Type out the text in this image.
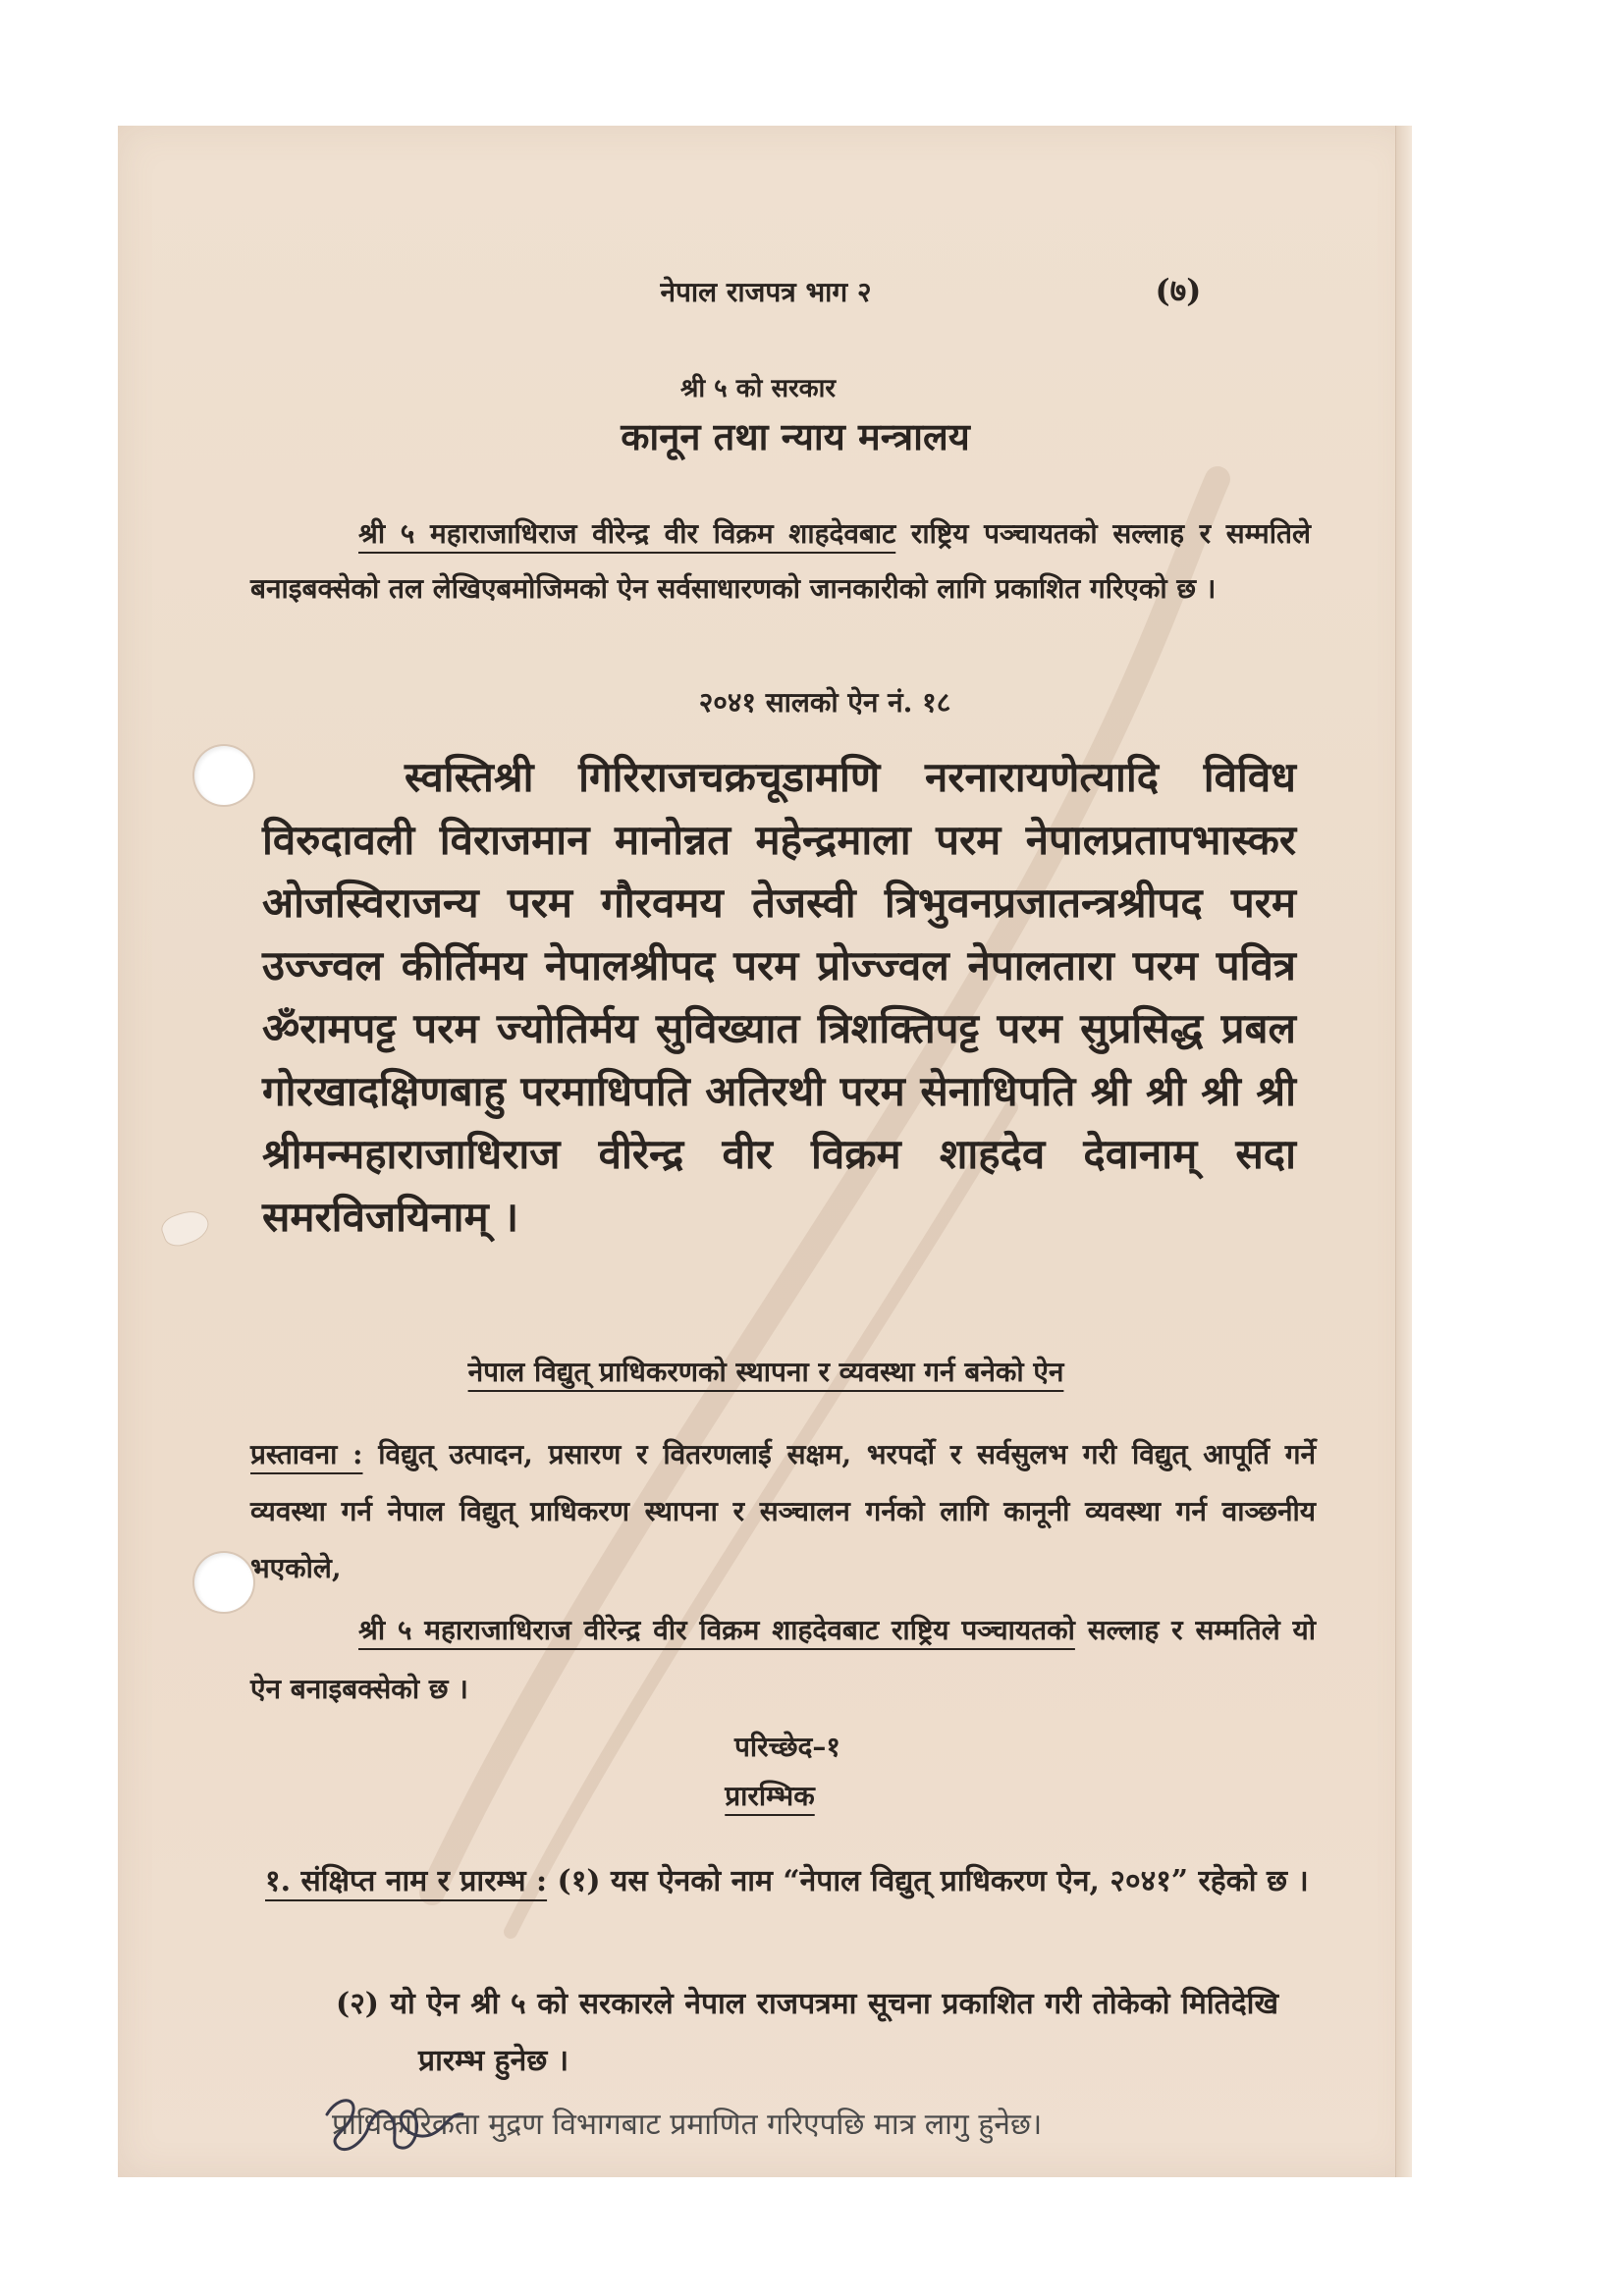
नेपाल राजपत्र भाग २	(७)
श्री ५ को सरकार
कानून तथा न्याय मन्त्रालय

श्री ५ महाराजाधिराज वीरेन्द्र वीर विक्रम शाहदेवबाट राष्ट्रिय पञ्चायतको सल्लाह र सम्मतिले बनाइबक्सेको तल लेखिएबमोजिमको ऐन सर्वसाधारणको जानकारीको लागि प्रकाशित गरिएको छ ।

२०४१ सालको ऐन नं. १८

स्वस्तिश्री गिरिराजचक्रचूडामणि नरनारायणेत्यादि विविध विरुदावली विराजमान मानोन्नत महेन्द्रमाला परम नेपालप्रतापभास्कर ओजस्विराजन्य परम गौरवमय तेजस्वी त्रिभुवनप्रजातन्त्रश्रीपद परम उज्ज्वल कीर्तिमय नेपालश्रीपद परम प्रोज्ज्वल नेपालतारा परम पवित्र ॐरामपट्ट परम ज्योतिर्मय सुविख्यात त्रिशक्तिपट्ट परम सुप्रसिद्ध प्रबल गोरखादक्षिणबाहु परमाधिपति अतिरथी परम सेनाधिपति श्री श्री श्री श्री श्रीमन्महाराजाधिराज वीरेन्द्र वीर विक्रम शाहदेव देवानाम् सदा समरविजयिनाम् ।

नेपाल विद्युत् प्राधिकरणको स्थापना र व्यवस्था गर्न बनेको ऐन

प्रस्तावना : विद्युत् उत्पादन, प्रसारण र वितरणलाई सक्षम, भरपर्दो र सर्वसुलभ गरी विद्युत् आपूर्ति गर्ने व्यवस्था गर्न नेपाल विद्युत् प्राधिकरण स्थापना र सञ्चालन गर्नको लागि कानूनी व्यवस्था गर्न वाञ्छनीय भएकोले,

श्री ५ महाराजाधिराज वीरेन्द्र वीर विक्रम शाहदेवबाट राष्ट्रिय पञ्चायतको सल्लाह र सम्मतिले यो ऐन बनाइबक्सेको छ ।

परिच्छेद–१
प्रारम्भिक

१. संक्षिप्त नाम र प्रारम्भ : (१) यस ऐनको नाम “नेपाल विद्युत् प्राधिकरण ऐन, २०४१” रहेको छ ।

(२) यो ऐन श्री ५ को सरकारले नेपाल राजपत्रमा सूचना प्रकाशित गरी तोकेको मितिदेखि प्रारम्भ हुनेछ ।

प्राधिकारिकता मुद्रण विभागबाट प्रमाणित गरिएपछि मात्र लागु हुनेछ।
